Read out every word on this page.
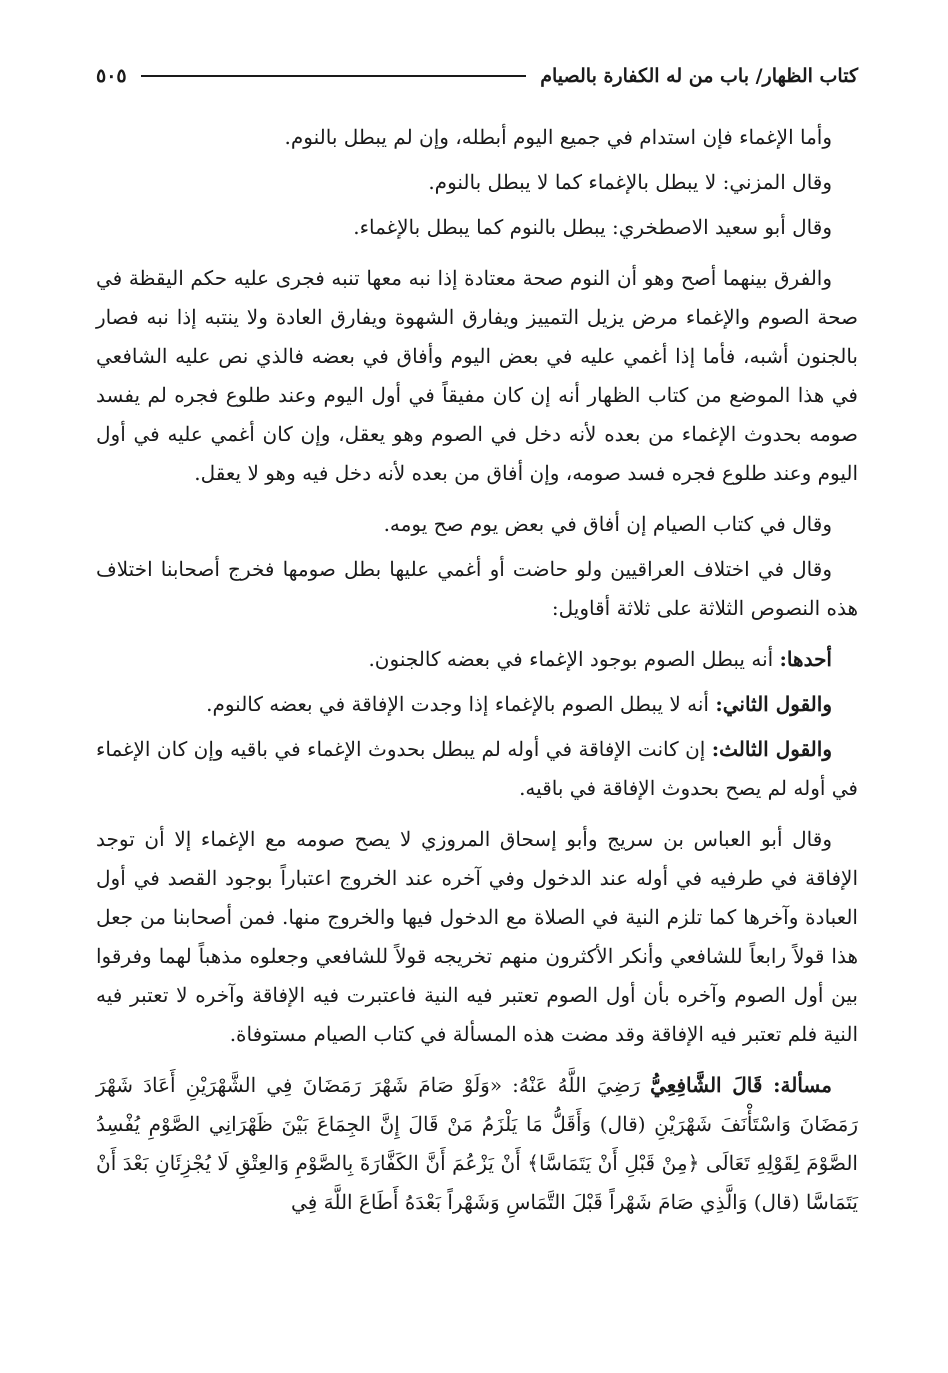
كتاب الظهار/ باب من له الكفارة بالصيام
٥٠٥

وأما الإغماء فإن استدام في جميع اليوم أبطله، وإن لم يبطل بالنوم.

وقال المزني: لا يبطل بالإغماء كما لا يبطل بالنوم.

وقال أبو سعيد الاصطخري: يبطل بالنوم كما يبطل بالإغماء.

والفرق بينهما أصح وهو أن النوم صحة معتادة إذا نبه معها تنبه فجرى عليه حكم اليقظة في صحة الصوم والإغماء مرض يزيل التمييز ويفارق الشهوة ويفارق العادة ولا ينتبه إذا نبه فصار بالجنون أشبه، فأما إذا أغمي عليه في بعض اليوم وأفاق في بعضه فالذي نص عليه الشافعي في هذا الموضع من كتاب الظهار أنه إن كان مفيقاً في أول اليوم وعند طلوع فجره لم يفسد صومه بحدوث الإغماء من بعده لأنه دخل في الصوم وهو يعقل، وإن كان أغمي عليه في أول اليوم وعند طلوع فجره فسد صومه، وإن أفاق من بعده لأنه دخل فيه وهو لا يعقل.

وقال في كتاب الصيام إن أفاق في بعض يوم صح يومه.

وقال في اختلاف العراقيين ولو حاضت أو أغمي عليها بطل صومها فخرج أصحابنا اختلاف هذه النصوص الثلاثة على ثلاثة أقاويل:

أحدها: أنه يبطل الصوم بوجود الإغماء في بعضه كالجنون.

والقول الثاني: أنه لا يبطل الصوم بالإغماء إذا وجدت الإفاقة في بعضه كالنوم.

والقول الثالث: إن كانت الإفاقة في أوله لم يبطل بحدوث الإغماء في باقيه وإن كان الإغماء في أوله لم يصح بحدوث الإفاقة في باقيه.

وقال أبو العباس بن سريج وأبو إسحاق المروزي لا يصح صومه مع الإغماء إلا أن توجد الإفاقة في طرفيه في أوله عند الدخول وفي آخره عند الخروج اعتباراً بوجود القصد في أول العبادة وآخرها كما تلزم النية في الصلاة مع الدخول فيها والخروج منها. فمن أصحابنا من جعل هذا قولاً رابعاً للشافعي وأنكر الأكثرون منهم تخريجه قولاً للشافعي وجعلوه مذهباً لهما وفرقوا بين أول الصوم وآخره بأن أول الصوم تعتبر فيه النية فاعتبرت فيه الإفاقة وآخره لا تعتبر فيه النية فلم تعتبر فيه الإفاقة وقد مضت هذه المسألة في كتاب الصيام مستوفاة.

مسألة: قَالَ الشَّافِعِيُّ رَضِيَ اللَّهُ عَنْهُ: «وَلَوْ صَامَ شَهْرَ رَمَضَانَ فِي الشَّهْرَيْنِ أَعَادَ شَهْرَ رَمَضَانَ وَاسْتَأْنَفَ شَهْرَيْنِ (قال) وَأَقَلُّ مَا يَلْزَمُ مَنْ قَالَ إِنَّ الجِمَاعَ بَيْنَ ظَهْرَانِي الصَّوْمِ يُفْسِدُ الصَّوْمَ لِقَوْلِهِ تَعَالَى ﴿مِنْ قَبْلِ أَنْ يَتَمَاسَّا﴾ أَنْ يَزْعُمَ أَنَّ الكَفَّارَةَ بِالصَّوْمِ وَالعِتْقِ لَا يُجْزِئَانِ بَعْدَ أَنْ يَتَمَاسَّا (قال) وَالَّذِي صَامَ شَهْراً قَبْلَ التَّمَاسِ وَشَهْراً بَعْدَهُ أَطَاعَ اللَّهَ فِي
